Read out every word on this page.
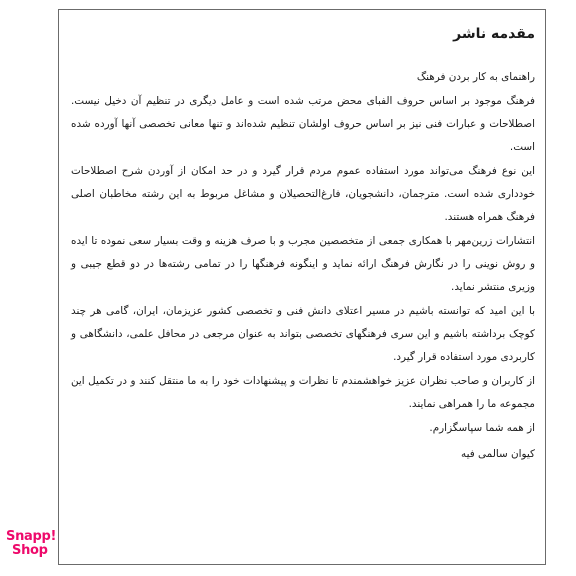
مقدمه ناشر

راهنمای به کار بردن فرهنگ

فرهنگ موجود بر اساس حروف الفبای محض مرتب شده است و عامل دیگری در تنظیم آن دخیل نیست. اصطلاحات و عبارات فنی نیز بر اساس حروف اولشان تنظیم شده‌اند و تنها معانی تخصصی آنها آورده شده است.

این نوع فرهنگ می‌تواند مورد استفاده عموم مردم قرار گیرد و در حد امکان از آوردن شرح اصطلاحات خودداری شده است. مترجمان، دانشجویان، فارغ‌التحصیلان و مشاغل مربوط به این رشته مخاطبان اصلی فرهنگ همراه هستند.

انتشارات زرین‌مهر با همکاری جمعی از متخصصین مجرب و با صرف هزینه و وقت بسیار سعی نموده تا ایده و روش نوینی را در نگارش فرهنگ ارائه نماید و اینگونه فرهنگها را در تمامی رشته‌ها در دو قطع جیبی و وزیری منتشر نماید.

با این امید که توانسته باشیم در مسیر اعتلای دانش فنی و تخصصی کشور عزیزمان، ایران، گامی هر چند کوچک برداشته باشیم و این سری فرهنگهای تخصصی بتواند به عنوان مرجعی در محافل علمی، دانشگاهی و کاربردی مورد استفاده قرار گیرد.

از کاربران و صاحب نظران عزیز خواهشمندم تا نظرات و پیشنهادات خود را به ما منتقل کنند و در تکمیل این مجموعه ما را همراهی نمایند.

از همه شما سپاسگزارم.

کیوان سالمی فیه

Snapp!
Shop
